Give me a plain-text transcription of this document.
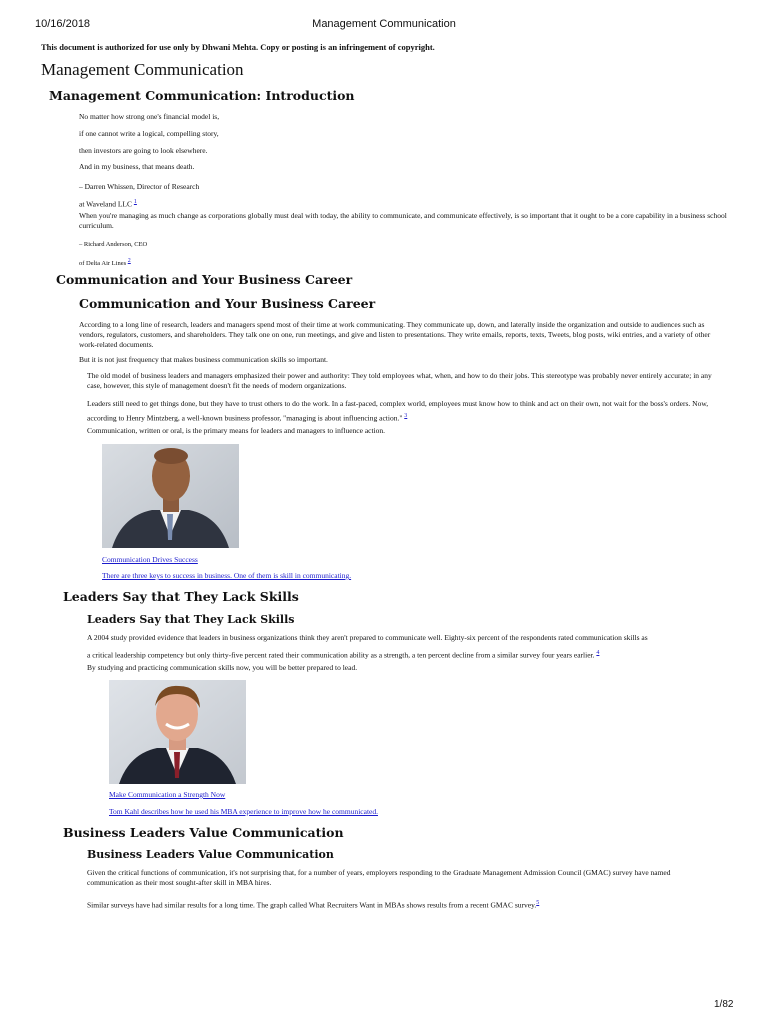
10/16/2018	Management Communication
This document is authorized for use only by Dhwani Mehta. Copy or posting is an infringement of copyright.
Management Communication
Management Communication: Introduction
No matter how strong one's financial model is,
if one cannot write a logical, compelling story,
then investors are going to look elsewhere.
And in my business, that means death.
– Darren Whissen, Director of Research
at Waveland LLC $^1$
When you're managing as much change as corporations globally must deal with today, the ability to communicate, and communicate effectively, is so important that it ought to be a core capability in a business school curriculum.
– Richard Anderson, CEO
of Delta Air Lines $^2$
Communication and Your Business Career
Communication and Your Business Career
According to a long line of research, leaders and managers spend most of their time at work communicating. They communicate up, down, and laterally inside the organization and outside to audiences such as vendors, regulators, customers, and shareholders. They talk one on one, run meetings, and give and listen to presentations. They write emails, reports, texts, Tweets, blog posts, wiki entries, and a variety of other work-related documents.
But it is not just frequency that makes business communication skills so important.
The old model of business leaders and managers emphasized their power and authority: They told employees what, when, and how to do their jobs. This stereotype was probably never entirely accurate; in any case, however, this style of management doesn't fit the needs of modern organizations.
Leaders still need to get things done, but they have to trust others to do the work. In a fast-paced, complex world, employees must know how to think and act on their own, not wait for the boss's orders. Now, according to Henry Mintzberg, a well-known business professor, "managing is about influencing action." $^3$
Communication, written or oral, is the primary means for leaders and managers to influence action.
Communication Drives Success
There are three keys to success in business. One of them is skill in communicating.
Leaders Say that They Lack Skills
Leaders Say that They Lack Skills
A 2004 study provided evidence that leaders in business organizations think they aren't prepared to communicate well. Eighty-six percent of the respondents rated communication skills as
a critical leadership competency but only thirty-five percent rated their communication ability as a strength, a ten percent decline from a similar survey four years earlier. $^4$
By studying and practicing communication skills now, you will be better prepared to lead.
Make Communication a Strength Now
Tom Kahl describes how he used his MBA experience to improve how he communicated.
Business Leaders Value Communication
Business Leaders Value Communication
Given the critical functions of communication, it's not surprising that, for a number of years, employers responding to the Graduate Management Admission Council (GMAC) survey have named communication as their most sought-after skill in MBA hires.
Similar surveys have had similar results for a long time. The graph called What Recruiters Want in MBAs shows results from a recent GMAC survey.$^5$
1/82
